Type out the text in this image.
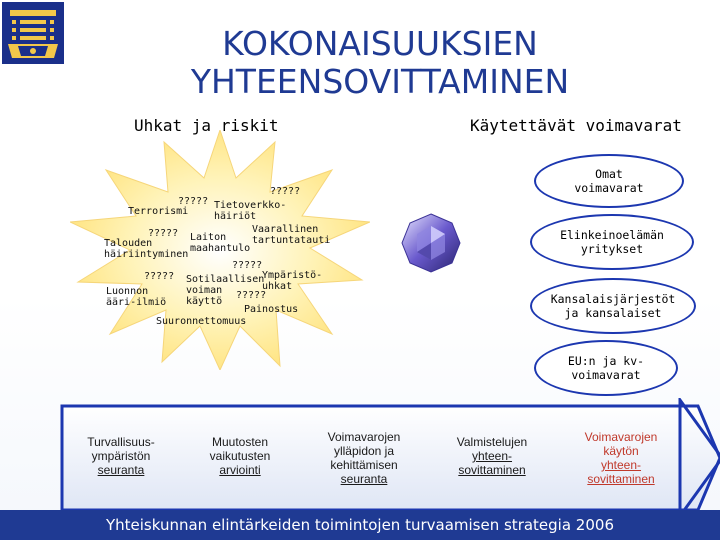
KOKONAISUUKSIEN
YHTEENSOVITTAMINEN
Uhkat ja riskit	Käytettävät voimavarat
?????
?????
Terrorismi
Tietoverkko-
häiriöt
?????	Vaarallinen
tartuntatauti
Laiton
maahantulo
Talouden
häiriintyminen
?????
Ympäristö-
uhkat
????? Sotilaallisen
voiman
käyttö
Luonnon
ääri-ilmiö
?????
Painostus
Suuronnettomuus
Omat
voimavarat
Elinkeinoelämän
yritykset
Kansalaisjärjestöt
ja kansalaiset
EU:n ja kv-
voimavarat
Turvallisuus-
ympäristön
seuranta
Muutosten
vaikutusten
arviointi
Voimavarojen
ylläpidon ja
kehittämisen
seuranta
Valmistelujen
yhteen-
sovittaminen
Voimavarojen
käytön
yhteen-
sovittaminen
Yhteiskunnan elintärkeiden toimintojen turvaamisen strategia 2006
